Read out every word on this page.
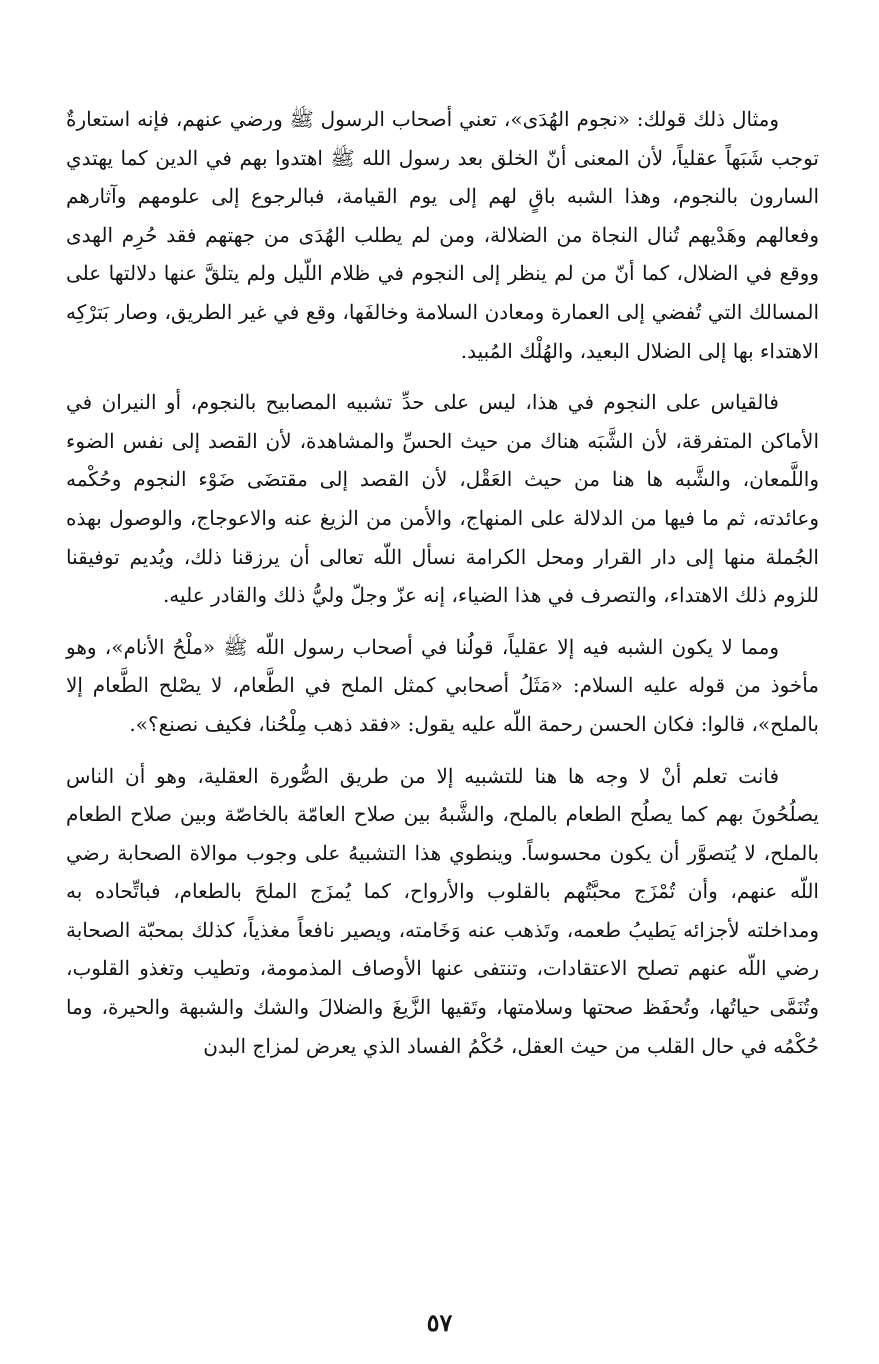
ومثال ذلك قولك: «نجوم الهُدَى»، تعني أصحاب الرسول ﷺ ورضي عنهم، فإنه استعارةٌ توجب شَبَهاً عقلياً، لأن المعنى أنّ الخلق بعد رسول الله ﷺ اهتدوا بهم في الدين كما يهتدي السارون بالنجوم، وهذا الشبه باقٍ لهم إلى يوم القيامة، فبالرجوع إلى علومهم وآثارهم وفعالهم وهَدْيهم تُنال النجاة من الضلالة، ومن لم يطلب الهُدَى من جهتهم فقد حُرِم الهدى ووقع في الضلال، كما أنّ من لم ينظر إلى النجوم في ظلام اللّيل ولم يتلقَّ عنها دلالتها على المسالك التي تُفضي إلى العمارة ومعادن السلامة وخالفَها، وقع في غير الطريق، وصار بَترْكِه الاهتداء بها إلى الضلال البعيد، والهُلْك المُبيد.

فالقياس على النجوم في هذا، ليس على حدِّ تشبيه المصابيح بالنجوم، أو النيران في الأماكن المتفرقة، لأن الشَّبَه هناك من حيث الحسِّ والمشاهدة، لأن القصد إلى نفس الضوء واللَّمعان، والشَّبه ها هنا من حيث العَقْل، لأن القصد إلى مقتضَى ضَوْء النجوم وحُكْمه وعائدته، ثم ما فيها من الدلالة على المنهاج، والأمن من الزيغ عنه والاعوجاج، والوصول بهذه الجُملة منها إلى دار القرار ومحل الكرامة نسأل اللّه تعالى أن يرزقنا ذلك، ويُديم توفيقنا للزوم ذلك الاهتداء، والتصرف في هذا الضياء، إنه عزّ وجلّ وليُّ ذلك والقادر عليه.

ومما لا يكون الشبه فيه إلا عقلياً، قولُنا في أصحاب رسول اللّه ﷺ «ملْحُ الأنام»، وهو مأخوذ من قوله عليه السلام: «مَثَلُ أصحابي كمثل الملح في الطَّعام، لا يصْلح الطَّعام إلا بالملح»، قالوا: فكان الحسن رحمة اللّه عليه يقول: «فقد ذهب مِلْحُنا، فكيف نصنع؟».

فانت تعلم أنْ لا وجه ها هنا للتشبيه إلا من طريق الصُّورة العقلية، وهو أن الناس يصلُحُونَ بهم كما يصلُح الطعام بالملح، والشَّبهُ بين صلاح العامّة بالخاصّة وبين صلاح الطعام بالملح، لا يُتصوَّر أن يكون محسوساً. وينطوي هذا التشبيهُ على وجوب موالاة الصحابة رضي اللّه عنهم، وأن تُمْزَج محبَّتُهم بالقلوب والأرواح، كما يُمزَج الملحَ بالطعام، فباتِّحاده به ومداخلته لأجزائه يَطيبُ طعمه، وتَذهب عنه وَخَامته، ويصير نافعاً مغذياً، كذلك بمحبّة الصحابة رضي اللّه عنهم تصلح الاعتقادات، وتنتفى عنها الأوصاف المذمومة، وتطيب وتغذو القلوب، وتُنَمَّى حياتُها، وتُحفَظ صحتها وسلامتها، وتَقيها الزَّيغَ والضلالَ والشك والشبهة والحيرة، وما حُكْمُه في حال القلب من حيث العقل، حُكْمُ الفساد الذي يعرض لمزاج البدن

٥٧
